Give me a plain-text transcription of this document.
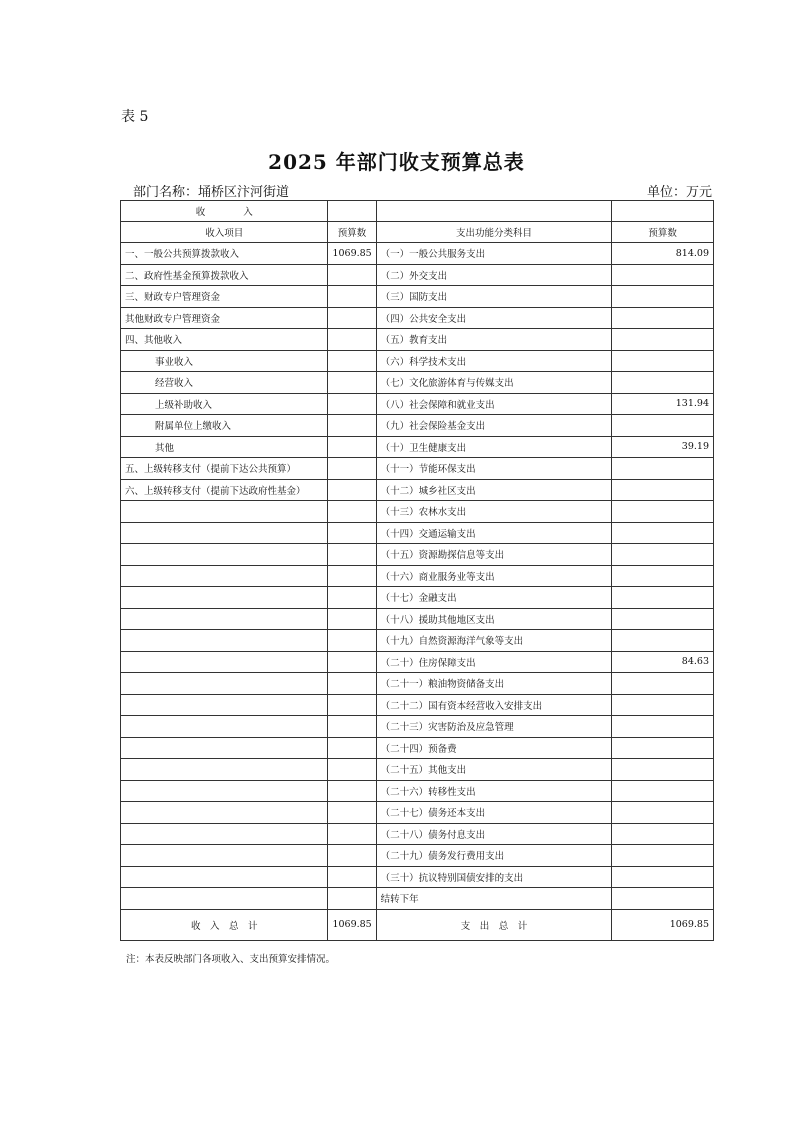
表 5
2025 年部门收支预算总表
部门名称：埇桥区汴河街道	单位：万元
收　　　　入			
收入项目	预算数	支出功能分类科目	预算数
一、一般公共预算拨款收入	1069.85	（一）一般公共服务支出	814.09
二、政府性基金预算拨款收入		（二）外交支出	
三、财政专户管理资金		（三）国防支出	
其他财政专户管理资金		（四）公共安全支出	
四、其他收入		（五）教育支出	
事业收入		（六）科学技术支出	
经营收入		（七）文化旅游体育与传媒支出	
上级补助收入		（八）社会保障和就业支出	131.94
附属单位上缴收入		（九）社会保险基金支出	
其他		（十）卫生健康支出	39.19
五、上级转移支付（提前下达公共预算）		（十一）节能环保支出	
六、上级转移支付（提前下达政府性基金）		（十二）城乡社区支出	
		（十三）农林水支出	
		（十四）交通运输支出	
		（十五）资源勘探信息等支出	
		（十六）商业服务业等支出	
		（十七）金融支出	
		（十八）援助其他地区支出	
		（十九）自然资源海洋气象等支出	
		（二十）住房保障支出	84.63
		（二十一）粮油物资储备支出	
		（二十二）国有资本经营收入安排支出	
		（二十三）灾害防治及应急管理	
		（二十四）预备费	
		（二十五）其他支出	
		（二十六）转移性支出	
		（二十七）债务还本支出	
		（二十八）债务付息支出	
		（二十九）债务发行费用支出	
		（三十）抗议特别国债安排的支出	
		结转下年	
收　入　总　计	1069.85	支　出　总　计	1069.85
注：本表反映部门各项收入、支出预算安排情况。
